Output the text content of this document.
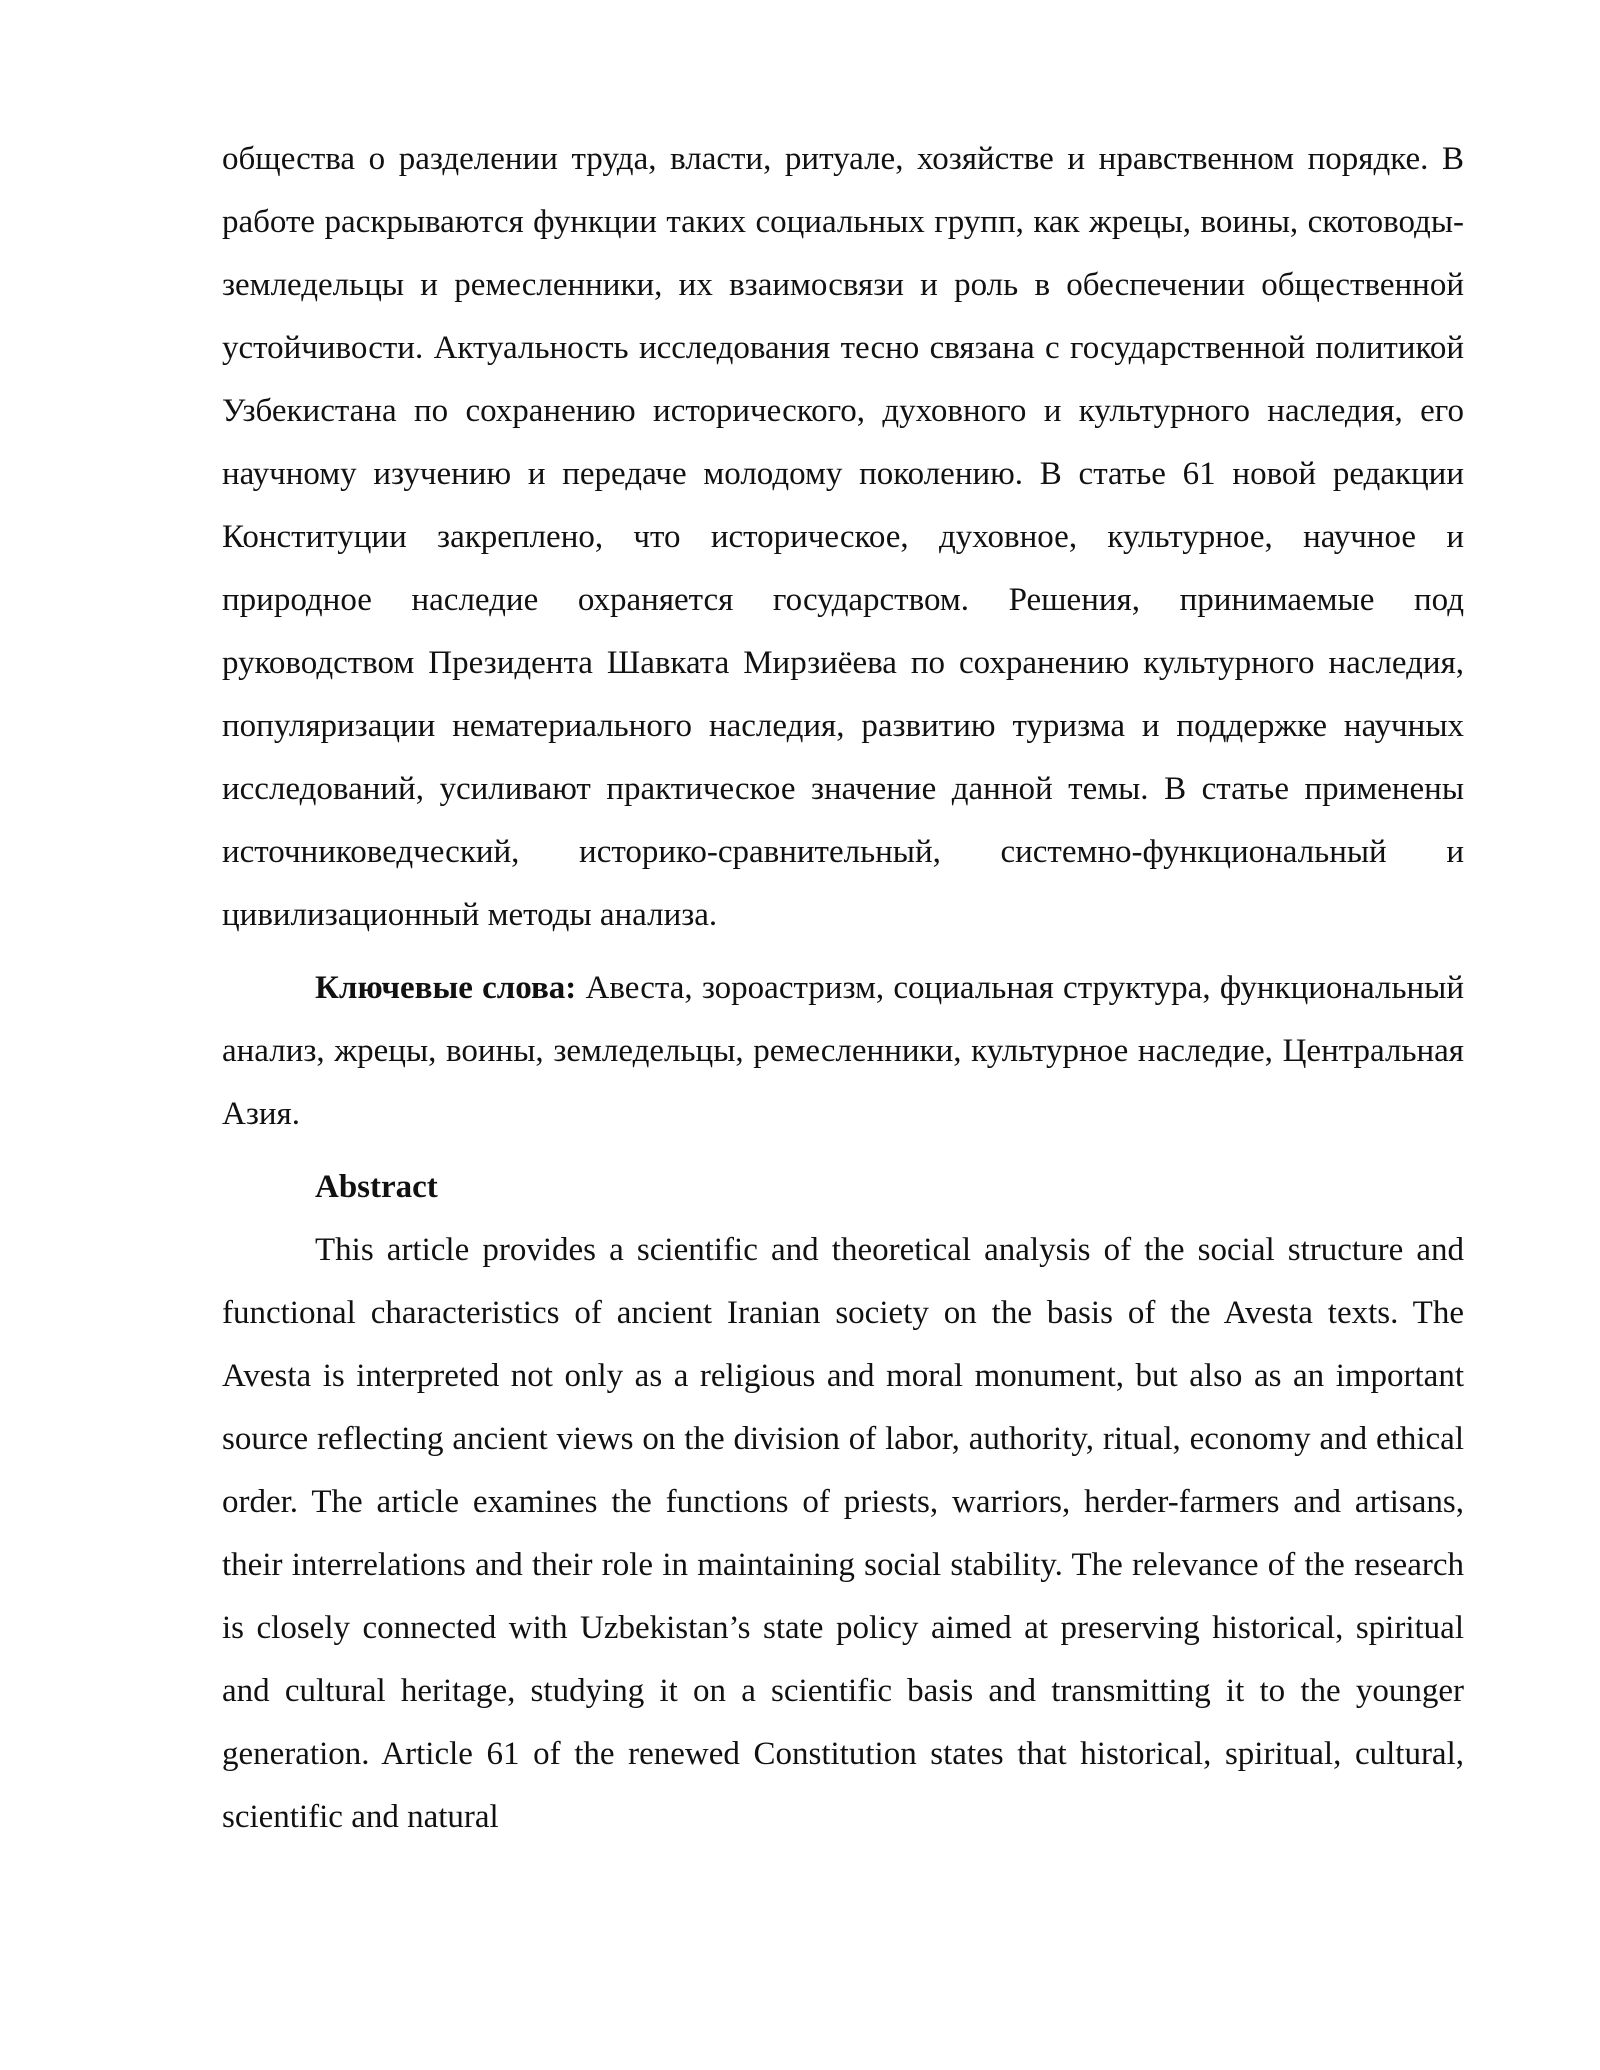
общества о разделении труда, власти, ритуале, хозяйстве и нравственном порядке. В работе раскрываются функции таких социальных групп, как жрецы, воины, скотоводы-земледельцы и ремесленники, их взаимосвязи и роль в обеспечении общественной устойчивости. Актуальность исследования тесно связана с государственной политикой Узбекистана по сохранению исторического, духовного и культурного наследия, его научному изучению и передаче молодому поколению. В статье 61 новой редакции Конституции закреплено, что историческое, духовное, культурное, научное и природное наследие охраняется государством. Решения, принимаемые под руководством Президента Шавката Мирзиёева по сохранению культурного наследия, популяризации нематериального наследия, развитию туризма и поддержке научных исследований, усиливают практическое значение данной темы. В статье применены источниковедческий, историко-сравнительный, системно-функциональный и цивилизационный методы анализа.

Ключевые слова: Авеста, зороастризм, социальная структура, функциональный анализ, жрецы, воины, земледельцы, ремесленники, культурное наследие, Центральная Азия.

Abstract

This article provides a scientific and theoretical analysis of the social structure and functional characteristics of ancient Iranian society on the basis of the Avesta texts. The Avesta is interpreted not only as a religious and moral monument, but also as an important source reflecting ancient views on the division of labor, authority, ritual, economy and ethical order. The article examines the functions of priests, warriors, herder-farmers and artisans, their interrelations and their role in maintaining social stability. The relevance of the research is closely connected with Uzbekistan’s state policy aimed at preserving historical, spiritual and cultural heritage, studying it on a scientific basis and transmitting it to the younger generation. Article 61 of the renewed Constitution states that historical, spiritual, cultural, scientific and natural
